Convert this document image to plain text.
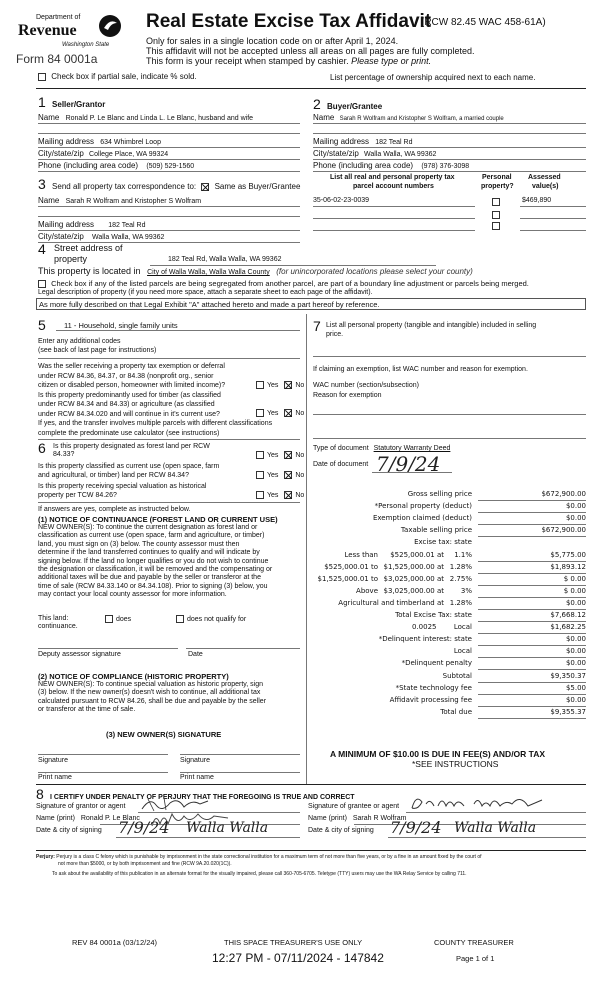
Department of
Revenue
Washington State
Form 84 0001a
Real Estate Excise Tax Affidavit
(RCW 82.45 WAC 458-61A)
Only for sales in a single location code on or after April 1, 2024.
This affidavit will not be accepted unless all areas on all pages are fully completed.
This form is your receipt when stamped by cashier. Please type or print.
Check box if partial sale, indicate % sold.	List percentage of ownership acquired next to each name.
1 Seller/Grantor
Name Ronald P. Le Blanc and Linda L. Le Blanc, husband and wife
Mailing address 634 Whimbrel Loop
City/state/zip College Place, WA 99324
Phone (including area code) (509) 529-1560
2 Buyer/Grantee
Name Sarah R Wolfram and Kristopher S Wolfram, a married couple
Mailing address 182 Teal Rd
City/state/zip Walla Walla, WA 99362
Phone (including area code) (978) 376-3098
3 Send all property tax correspondence to: Same as Buyer/Grantee
Name Sarah R Wolfram and Kristopher S Wolfram
Mailing address 182 Teal Rd
City/state/zip Walla Walla, WA 99362
List all real and personal property tax
parcel account numbers
Personal
property?
Assessed
value(s)
35-06-02-23-0039	$469,890
4 Street address of
property	182 Teal Rd, Walla Walla, WA 99362
This property is located in City of Walla Walla, Walla Walla County (for unincorporated locations please select your county)
Check box if any of the listed parcels are being segregated from another parcel, are part of a boundary line adjustment or parcels being merged.
Legal description of property (if you need more space, attach a separate sheet to each page of the affidavit).
As more fully described on that Legal Exhibit "A" attached hereto and made a part hereof by reference.
5 11 - Household, single family units
Enter any additional codes
(see back of last page for instructions)
Was the seller receiving a property tax exemption or deferral
under RCW 84.36, 84.37, or 84.38 (nonprofit org., senior
citizen or disabled person, homeowner with limited income)?
Is this property predominantly used for timber (as classified
under RCW 84.34 and 84.33) or agriculture (as classified
under RCW 84.34.020 and will continue in it's current use?
If yes, and the transfer involves multiple parcels with different classifications
complete the predominate use calculator (see instructions)
Yes No
Yes No
6 Is this property designated as forest land per RCW
84.33?	Yes No
Is this property classified as current use (open space, farm
and agricultural, or timber) land per RCW 84.34?	Yes No
Is this property receiving special valuation as historical
property per TCW 84.26?	Yes No
If answers are yes, complete as instructed below.
(1) NOTICE OF CONTINUANCE (FOREST LAND OR CURRENT USE)
NEW OWNER(S): To continue the current designation as forest land or
classification as current use (open space, farm and agriculture, or timber)
land, you must sign on (3) below. The county assessor must then
determine if the land transferred continues to qualify and will indicate by
signing below. If the land no longer qualifies or you do not wish to continue
the designation or classification, it will be removed and the compensating or
additional taxes will be due and payable by the seller or transferor at the
time of sale (RCW 84.33.140 or 84.34.108). Prior to signing (3) below, you
may contact your local county assessor for more information.
This land:
continuance.
does	does not qualify for
Deputy assessor signature	Date
(2) NOTICE OF COMPLIANCE (HISTORIC PROPERTY)
NEW OWNER(S): To continue special valuation as historic property, sign
(3) below. If the new owner(s) doesn't wish to continue, all additional tax
calculated pursuant to RCW 84.26, shall be due and payable by the seller
or transferor at the time of sale.
(3) NEW OWNER(S) SIGNATURE
Signature	Signature
Print name	Print name
7 List all personal property (tangible and intangible) included in selling
price.
If claiming an exemption, list WAC number and reason for exemption.
WAC number (section/subsection)
Reason for exemption
Type of document Statutory Warranty Deed
Date of document 7/9/24
Gross selling price	$672,900.00
*Personal property (deduct)	$0.00
Exemption claimed (deduct)	$0.00
Taxable selling price	$672,900.00
Excise tax: state
Less than	$525,000.01 at	1.1%	$5,775.00
$525,000.01 to $1,525,000.00 at 1.28%	$1,893.12
$1,525,000.01 to $3,025,000.00 at 2.75%	$ 0.00
Above $3,025,000.00 at	3%	$ 0.00
Agricultural and timberland at 1.28%	$0.00
Total Excise Tax: state	$7,668.12
0.0025	Local	$1,682.25
*Delinquent interest: state	$0.00
Local	$0.00
*Delinquent penalty	$0.00
Subtotal	$9,350.37
*State technology fee	$5.00
Affidavit processing fee	$0.00
Total due	$9,355.37
A MINIMUM OF $10.00 IS DUE IN FEE(S) AND/OR TAX
*SEE INSTRUCTIONS
8 I CERTIFY UNDER PENALTY OF PERJURY THAT THE FOREGOING IS TRUE AND CORRECT
Signature of grantor or agent
Name (print) Ronald P. Le Blanc
Date & city of signing 7/9/24 Walla Walla
Signature of grantee or agent
Name (print) Sarah R Wolfram
Date & city of signing 7/9/24 Walla Walla
Perjury: Perjury is a class C felony which is punishable by imprisonment in the state correctional institution for a maximum term of not more than five years, or by a fine in an amount fixed by the court of
not more than $5000, or by both imprisonment and fine (RCW 9A.20.020(1C)).
To ask about the availability of this publication in an alternate format for the visually impaired, please call 360-705-6705. Teletype (TTY) users may use the WA Relay Service by calling 711.
REV 84 0001a (03/12/24)	THIS SPACE TREASURER'S USE ONLY	COUNTY TREASURER
12:27 PM - 07/11/2024 - 147842	Page 1 of 1
